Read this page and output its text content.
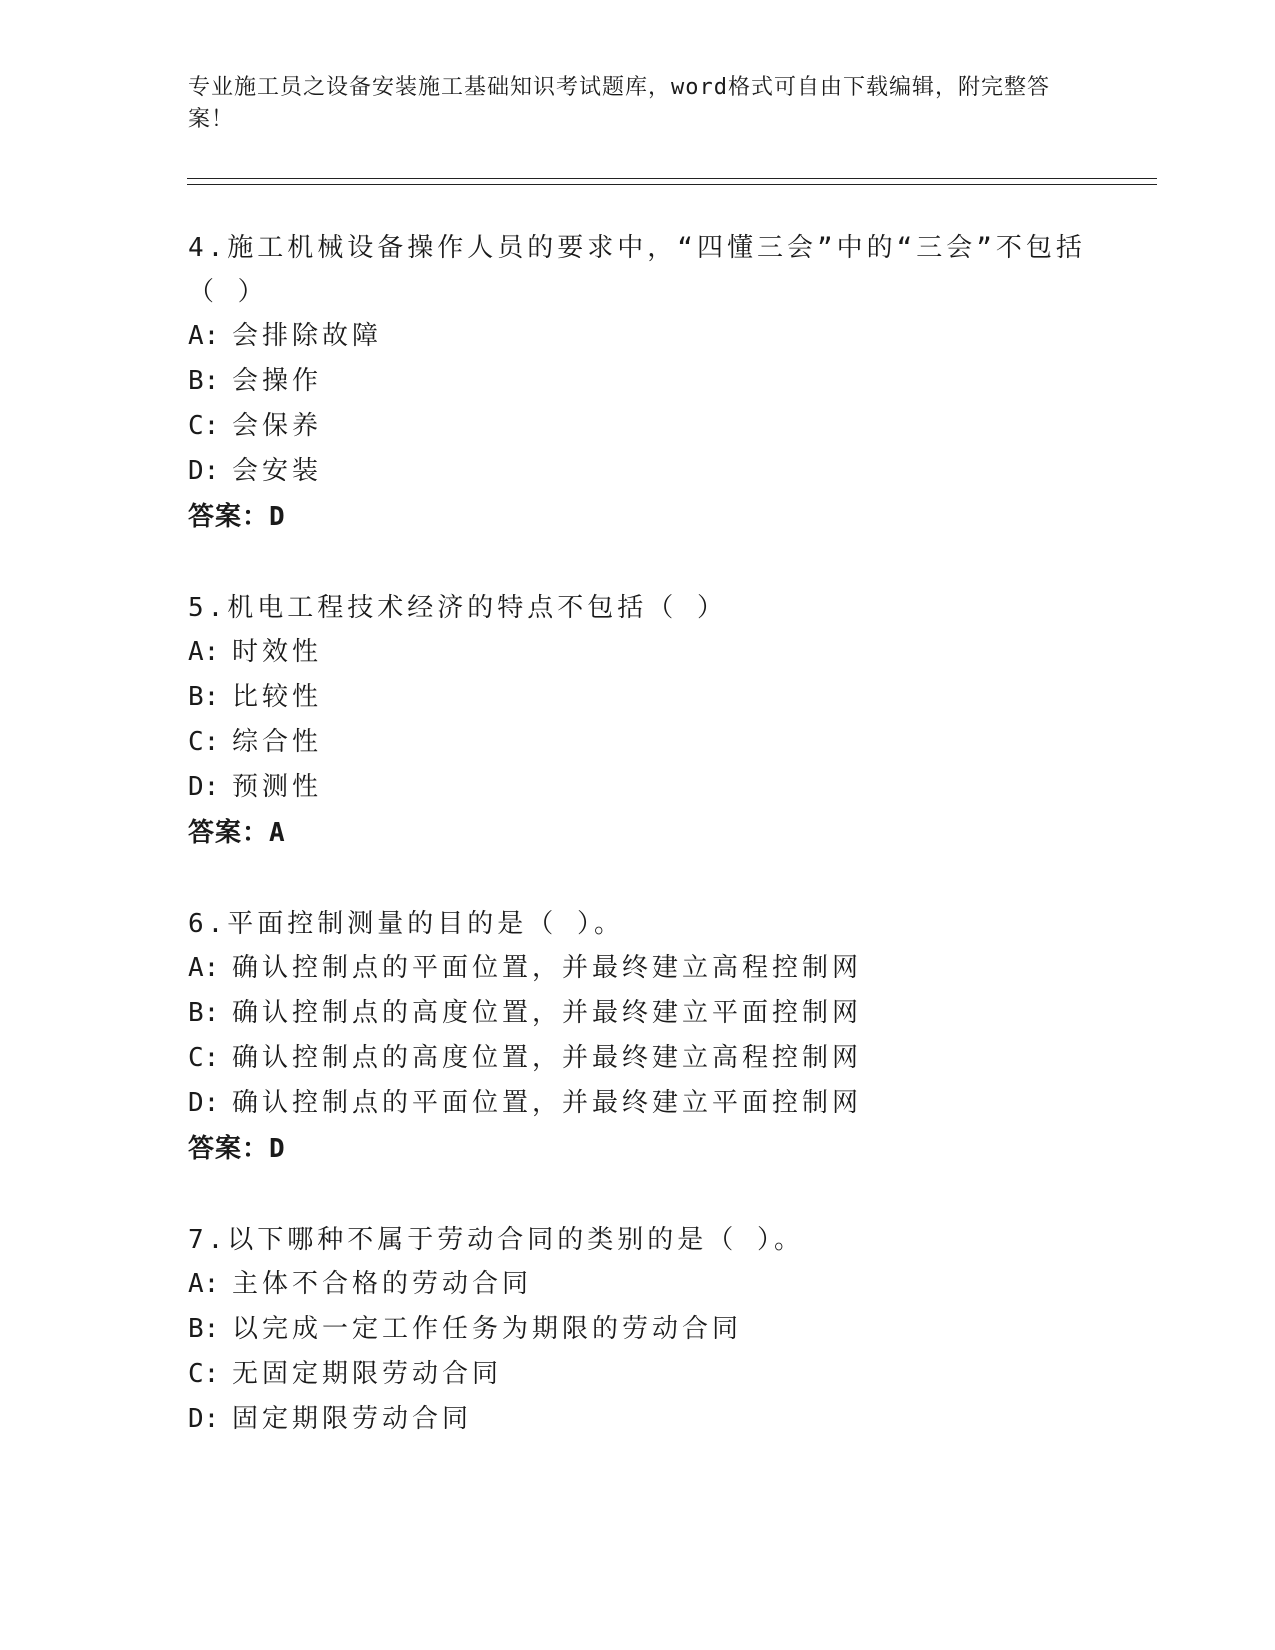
专业施工员之设备安装施工基础知识考试题库，word格式可自由下载编辑，附完整答案！

4.施工机械设备操作人员的要求中，“四懂三会”中的“三会”不包括（ ）

A: 会排除故障

B: 会操作

C: 会保养

D: 会安装

答案：D

5.机电工程技术经济的特点不包括（ ）

A: 时效性

B: 比较性

C: 综合性

D: 预测性

答案：A

6.平面控制测量的目的是（ ）。

A: 确认控制点的平面位置，并最终建立高程控制网

B: 确认控制点的高度位置，并最终建立平面控制网

C: 确认控制点的高度位置，并最终建立高程控制网

D: 确认控制点的平面位置，并最终建立平面控制网

答案：D

7.以下哪种不属于劳动合同的类别的是（ ）。

A: 主体不合格的劳动合同

B: 以完成一定工作任务为期限的劳动合同

C: 无固定期限劳动合同

D: 固定期限劳动合同
